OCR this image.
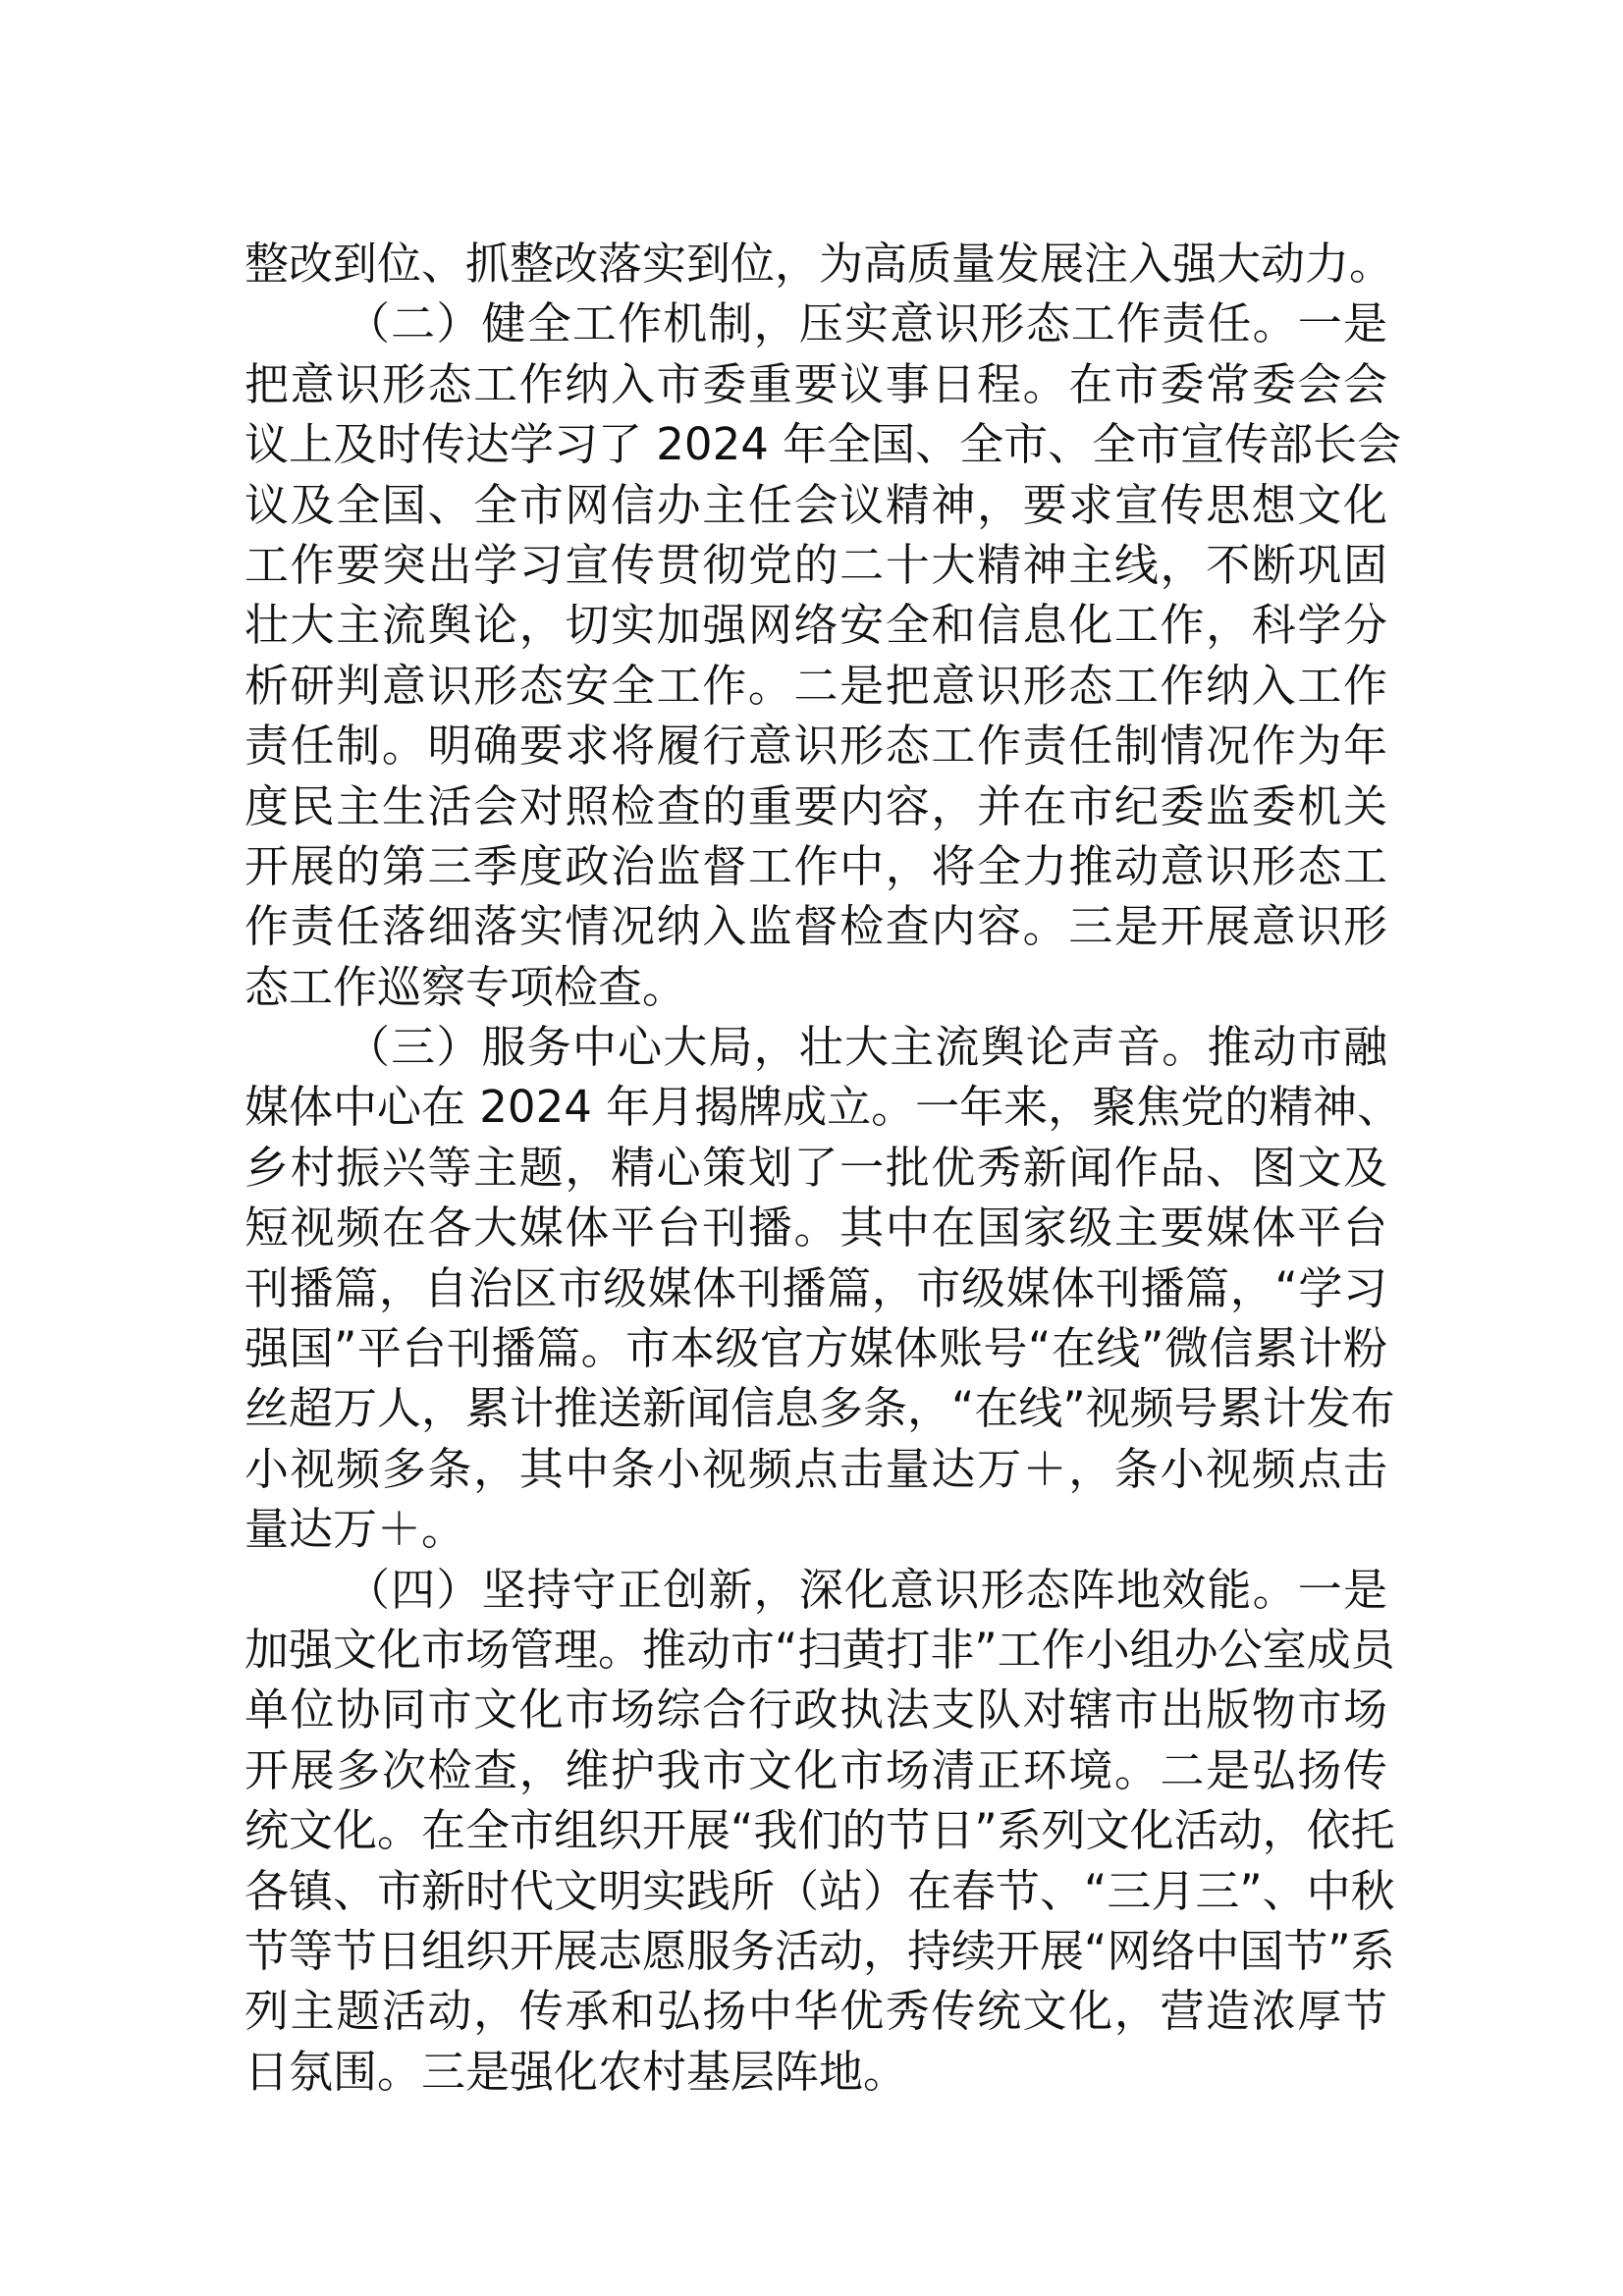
整改到位、抓整改落实到位，为高质量发展注入强大动力。
（二）健全工作机制，压实意识形态工作责任。一是
把意识形态工作纳入市委重要议事日程。在市委常委会会
议上及时传达学习了 2024 年全国、全市、全市宣传部长会
议及全国、全市网信办主任会议精神，要求宣传思想文化
工作要突出学习宣传贯彻党的二十大精神主线，不断巩固
壮大主流舆论，切实加强网络安全和信息化工作，科学分
析研判意识形态安全工作。二是把意识形态工作纳入工作
责任制。明确要求将履行意识形态工作责任制情况作为年
度民主生活会对照检查的重要内容，并在市纪委监委机关
开展的第三季度政治监督工作中，将全力推动意识形态工
作责任落细落实情况纳入监督检查内容。三是开展意识形
态工作巡察专项检查。
（三）服务中心大局，壮大主流舆论声音。推动市融
媒体中心在 2024 年月揭牌成立。一年来，聚焦党的精神、
乡村振兴等主题，精心策划了一批优秀新闻作品、图文及
短视频在各大媒体平台刊播。其中在国家级主要媒体平台
刊播篇，自治区市级媒体刊播篇，市级媒体刊播篇，“学习
强国”平台刊播篇。市本级官方媒体账号“在线”微信累计粉
丝超万人，累计推送新闻信息多条，“在线”视频号累计发布
小视频多条，其中条小视频点击量达万＋，条小视频点击
量达万＋。
（四）坚持守正创新，深化意识形态阵地效能。一是
加强文化市场管理。推动市“扫黄打非”工作小组办公室成员
单位协同市文化市场综合行政执法支队对辖市出版物市场
开展多次检查，维护我市文化市场清正环境。二是弘扬传
统文化。在全市组织开展“我们的节日”系列文化活动，依托
各镇、市新时代文明实践所（站）在春节、“三月三”、中秋
节等节日组织开展志愿服务活动，持续开展“网络中国节”系
列主题活动，传承和弘扬中华优秀传统文化，营造浓厚节
日氛围。三是强化农村基层阵地。
